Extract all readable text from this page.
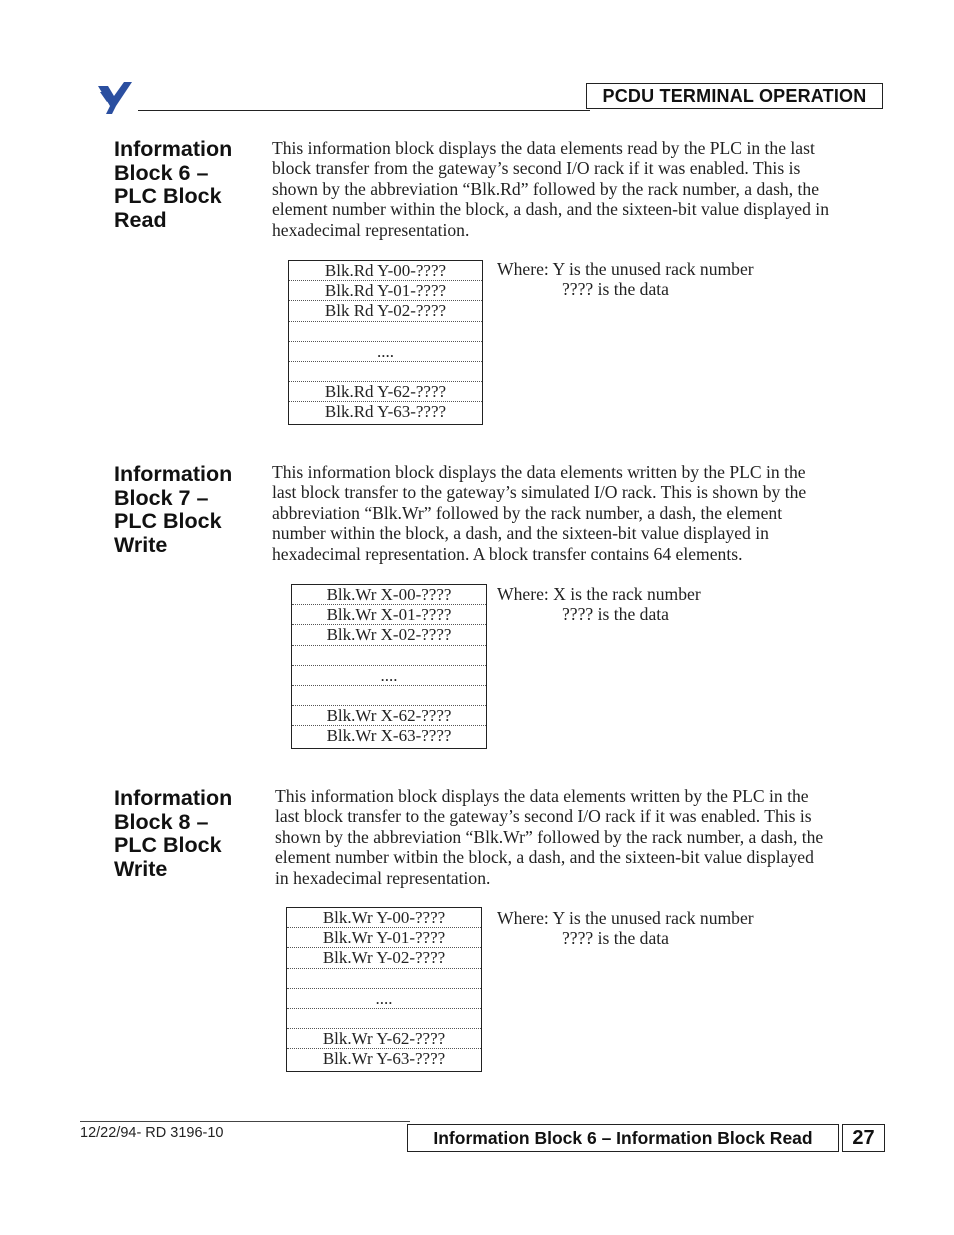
PCDU TERMINAL OPERATION
Information
Block 6 –
PLC Block
Read
This information block displays the data elements read by the PLC in the last
block transfer from the gateway’s second I/O rack if it was enabled. This is
shown by the abbreviation “Blk.Rd” followed by the rack number, a dash, the
element number within the block, a dash, and the sixteen-bit value displayed in
hexadecimal representation.
Blk.Rd Y-00-????
Blk.Rd Y-01-????
Blk Rd Y-02-????
....
Blk.Rd Y-62-????
Blk.Rd Y-63-????
Where: Y is the unused rack number
???? is the data
Information
Block 7 –
PLC Block
Write
This information block displays the data elements written by the PLC in the
last block transfer to the gateway’s simulated I/O rack. This is shown by the
abbreviation “Blk.Wr” followed by the rack number, a dash, the element
number within the block, a dash, and the sixteen-bit value displayed in
hexadecimal representation. A block transfer contains 64 elements.
Blk.Wr X-00-????
Blk.Wr X-01-????
Blk.Wr X-02-????
....
Blk.Wr X-62-????
Blk.Wr X-63-????
Where: X is the rack number
???? is the data
Information
Block 8 –
PLC Block
Write
This information block displays the data elements written by the PLC in the
last block transfer to the gateway’s second I/O rack if it was enabled. This is
shown by the abbreviation “Blk.Wr” followed by the rack number, a dash, the
element number witbin the block, a dash, and the sixteen-bit value displayed
in hexadecimal representation.
Blk.Wr Y-00-????
Blk.Wr Y-01-????
Blk.Wr Y-02-????
....
Blk.Wr Y-62-????
Blk.Wr Y-63-????
Where: Y is the unused rack number
???? is the data
12/22/94- RD 3196-10	Information Block 6 – Information Block Read	27
